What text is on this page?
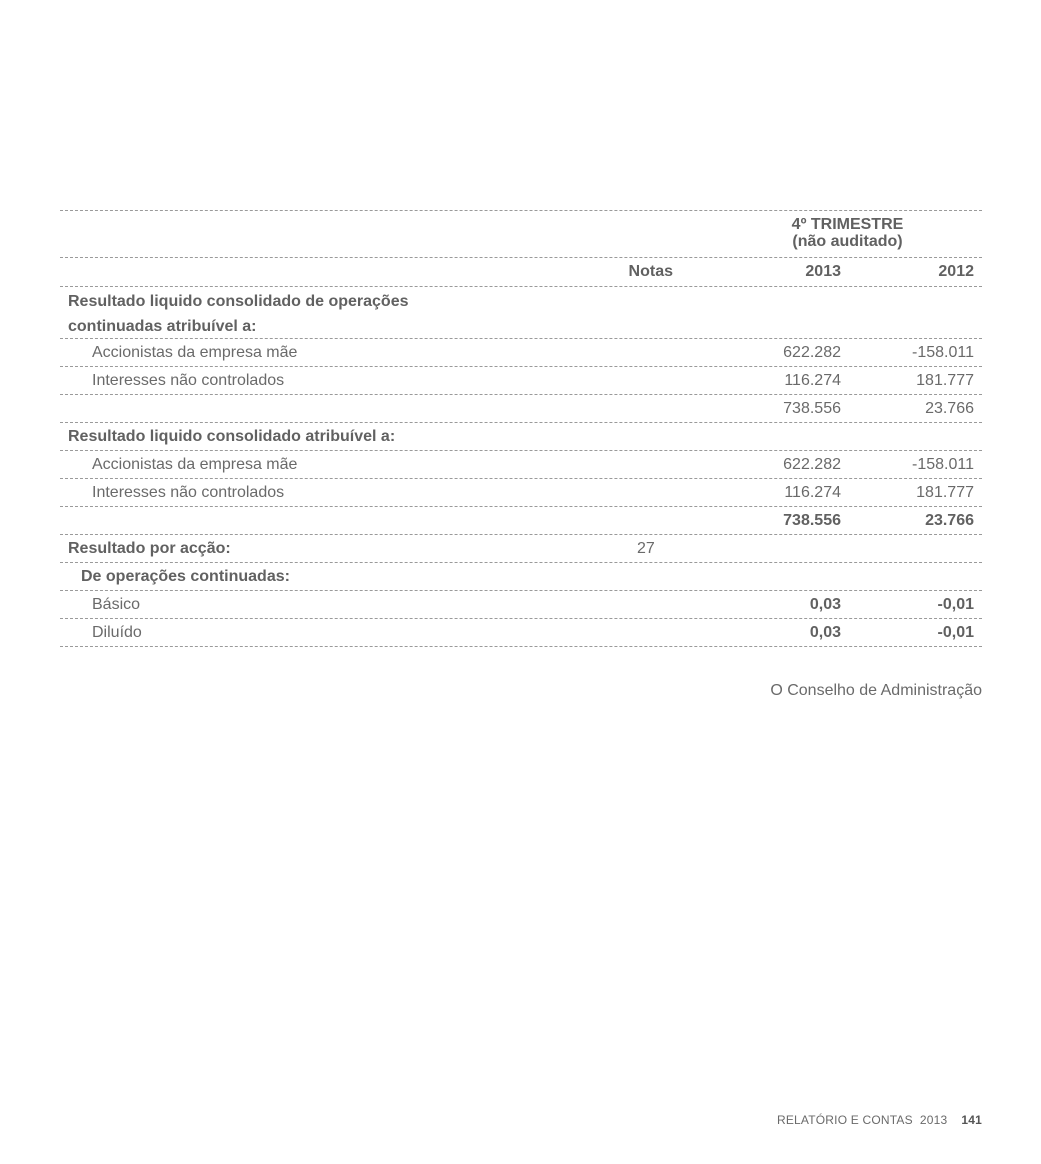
4º TRIMESTRE
(não auditado)
Notas	2013	2012
Resultado liquido consolidado de operações
continuadas atribuível a:
Accionistas da empresa mãe	622.282	-158.011
Interesses não controlados	116.274	181.777
738.556	23.766
Resultado liquido consolidado atribuível a:
Accionistas da empresa mãe	622.282	-158.011
Interesses não controlados	116.274	181.777
738.556	23.766
Resultado por acção:	27
De operações continuadas:
Básico	0,03	-0,01
Diluído	0,03	-0,01
O Conselho de Administração
RELATÓRIO E CONTAS  2013 141
